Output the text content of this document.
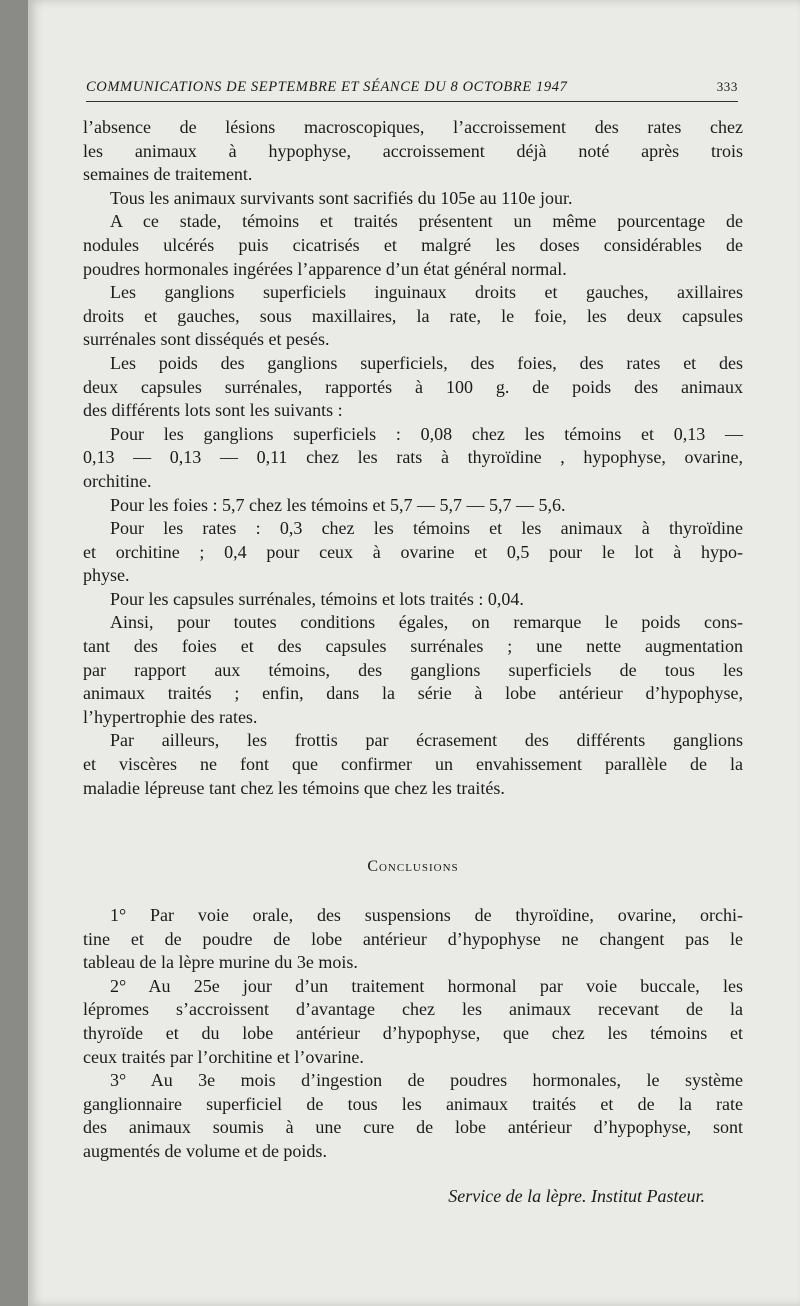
COMMUNICATIONS DE SEPTEMBRE ET SÉANCE DU 8 OCTOBRE 1947	333
l’absence de lésions macroscopiques, l’accroissement des rates chez
les animaux à hypophyse, accroissement déjà noté après trois
semaines de traitement.
Tous les animaux survivants sont sacrifiés du 105e au 110e jour.
A ce stade, témoins et traités présentent un même pourcentage de
nodules ulcérés puis cicatrisés et malgré les doses considérables de
poudres hormonales ingérées l’apparence d’un état général normal.
Les ganglions superficiels inguinaux droits et gauches, axillaires
droits et gauches, sous maxillaires, la rate, le foie, les deux capsules
surrénales sont disséqués et pesés.
Les poids des ganglions superficiels, des foies, des rates et des
deux capsules surrénales, rapportés à 100 g. de poids des animaux
des différents lots sont les suivants :
Pour les ganglions superficiels : 0,08 chez les témoins et 0,13 —
0,13 — 0,13 — 0,11 chez les rats à thyroïdine , hypophyse, ovarine,
orchitine.
Pour les foies : 5,7 chez les témoins et 5,7 — 5,7 — 5,7 — 5,6.
Pour les rates : 0,3 chez les témoins et les animaux à thyroïdine
et orchitine ; 0,4 pour ceux à ovarine et 0,5 pour le lot à hypo-
physe.
Pour les capsules surrénales, témoins et lots traités : 0,04.
Ainsi, pour toutes conditions égales, on remarque le poids cons-
tant des foies et des capsules surrénales ; une nette augmentation
par rapport aux témoins, des ganglions superficiels de tous les
animaux traités ; enfin, dans la série à lobe antérieur d’hypophyse,
l’hypertrophie des rates.
Par ailleurs, les frottis par écrasement des différents ganglions
et viscères ne font que confirmer un envahissement parallèle de la
maladie lépreuse tant chez les témoins que chez les traités.
Conclusions
1° Par voie orale, des suspensions de thyroïdine, ovarine, orchi-
tine et de poudre de lobe antérieur d’hypophyse ne changent pas le
tableau de la lèpre murine du 3e mois.
2° Au 25e jour d’un traitement hormonal par voie buccale, les
lépromes s’accroissent d’avantage chez les animaux recevant de la
thyroïde et du lobe antérieur d’hypophyse, que chez les témoins et
ceux traités par l’orchitine et l’ovarine.
3° Au 3e mois d’ingestion de poudres hormonales, le système
ganglionnaire superficiel de tous les animaux traités et de la rate
des animaux soumis à une cure de lobe antérieur d’hypophyse, sont
augmentés de volume et de poids.
Service de la lèpre. Institut Pasteur.
